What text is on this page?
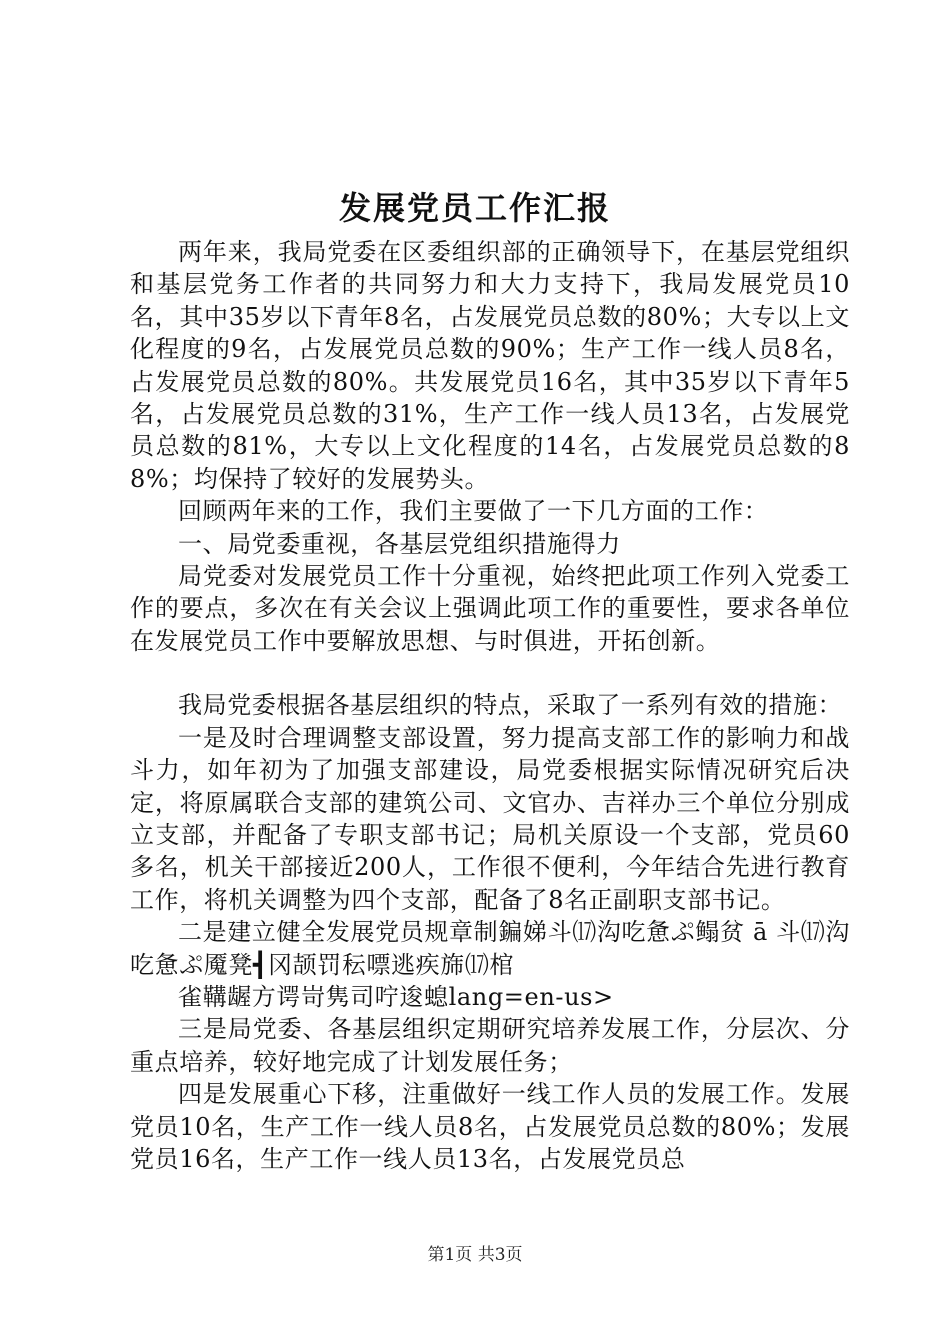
发展党员工作汇报

两年来，我局党委在区委组织部的正确领导下，在基层党组织和基层党务工作者的共同努力和大力支持下，我局发展党员10名，其中35岁以下青年8名，占发展党员总数的80%；大专以上文化程度的9名，占发展党员总数的90%；生产工作一线人员8名，占发展党员总数的80%。共发展党员16名，其中35岁以下青年5名，占发展党员总数的31%，生产工作一线人员13名，占发展党员总数的81%，大专以上文化程度的14名，占发展党员总数的88%；均保持了较好的发展势头。

回顾两年来的工作，我们主要做了一下几方面的工作：

一、局党委重视，各基层党组织措施得力

局党委对发展党员工作十分重视，始终把此项工作列入党委工作的要点，多次在有关会议上强调此项工作的重要性，要求各单位在发展党员工作中要解放思想、与时俱进，开拓创新。

我局党委根据各基层组织的特点，采取了一系列有效的措施：

一是及时合理调整支部设置，努力提高支部工作的影响力和战斗力，如年初为了加强支部建设，局党委根据实际情况研究后决定，将原属联合支部的建筑公司、文官办、吉祥办三个单位分别成立支部，并配备了专职支部书记；局机关原设一个支部，党员60多名，机关干部接近200人，工作很不便利，今年结合先进行教育工作，将机关调整为四个支部，配备了8名正副职支部书记。

二是建立健全发展党员规章制鍽娣斗⒄沟吃惫ぷ鳎贫 ā 斗⒄沟吃惫ぷ魇凳┫冈颉罚秐嘌逃疾旆⒄棺

雀鞲龌方谔岢隽司咛逡螅lang=en-us>

三是局党委、各基层组织定期研究培养发展工作，分层次、分重点培养，较好地完成了计划发展任务；

四是发展重心下移，注重做好一线工作人员的发展工作。发展党员10名，生产工作一线人员8名，占发展党员总数的80%；发展党员16名，生产工作一线人员13名，占发展党员总

第1页 共3页
